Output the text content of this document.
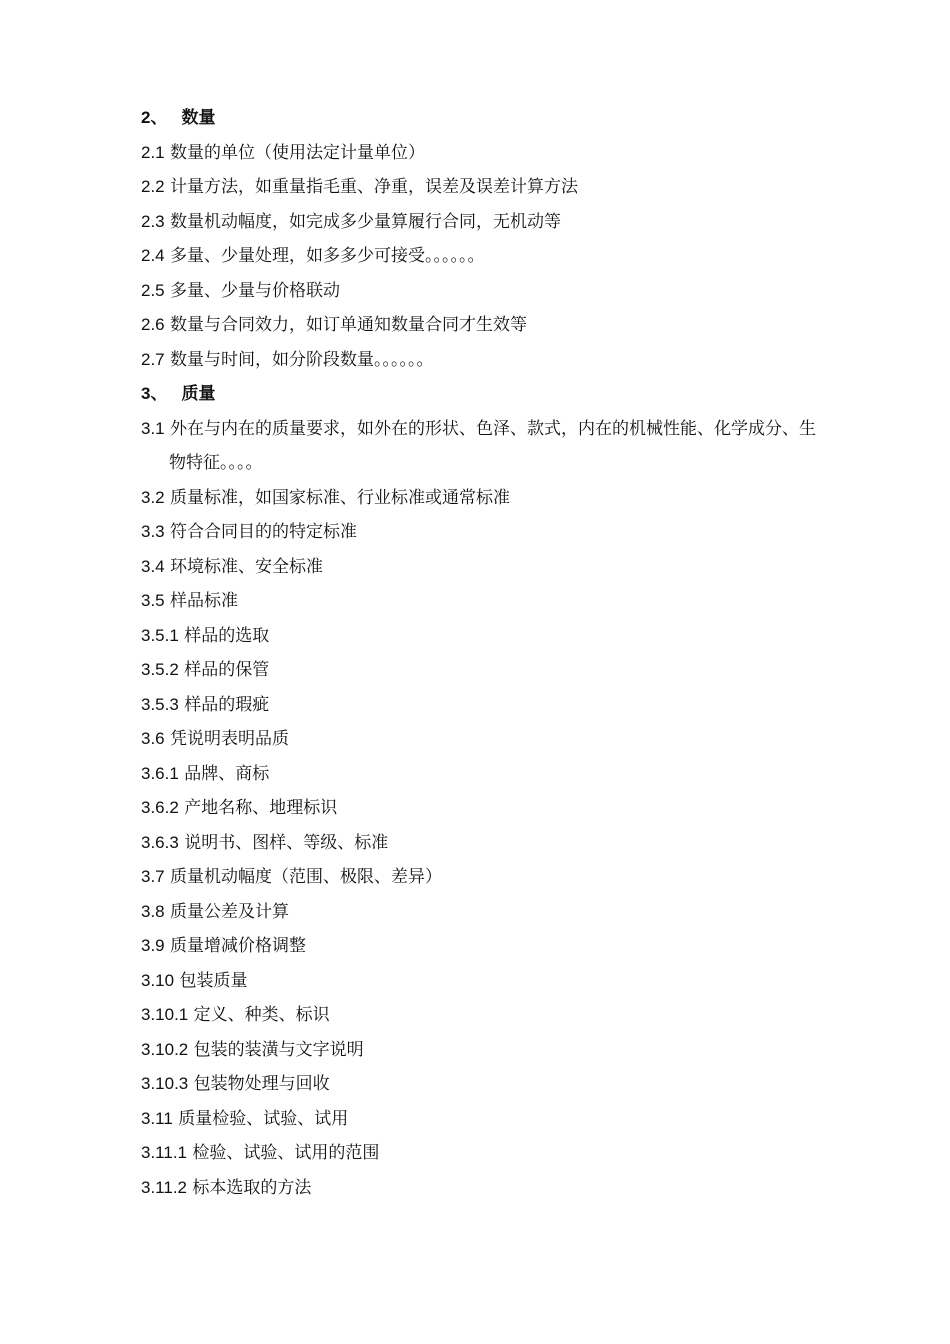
2、 数量
2.1 数量的单位（使用法定计量单位）
2.2 计量方法，如重量指毛重、净重，误差及误差计算方法
2.3 数量机动幅度，如完成多少量算履行合同，无机动等
2.4 多量、少量处理，如多多少可接受。。。。。。
2.5 多量、少量与价格联动
2.6 数量与合同效力，如订单通知数量合同才生效等
2.7 数量与时间，如分阶段数量。。。。。。
3、 质量
3.1 外在与内在的质量要求，如外在的形状、色泽、款式，内在的机械性能、化学成分、生物特征。。。。
3.2 质量标准，如国家标准、行业标准或通常标准
3.3 符合合同目的的特定标准
3.4 环境标准、安全标准
3.5 样品标准
3.5.1 样品的选取
3.5.2 样品的保管
3.5.3 样品的瑕疵
3.6 凭说明表明品质
3.6.1 品牌、商标
3.6.2 产地名称、地理标识
3.6.3 说明书、图样、等级、标准
3.7 质量机动幅度（范围、极限、差异）
3.8 质量公差及计算
3.9 质量增减价格调整
3.10 包装质量
3.10.1 定义、种类、标识
3.10.2 包装的装潢与文字说明
3.10.3 包装物处理与回收
3.11 质量检验、试验、试用
3.11.1 检验、试验、试用的范围
3.11.2 标本选取的方法
